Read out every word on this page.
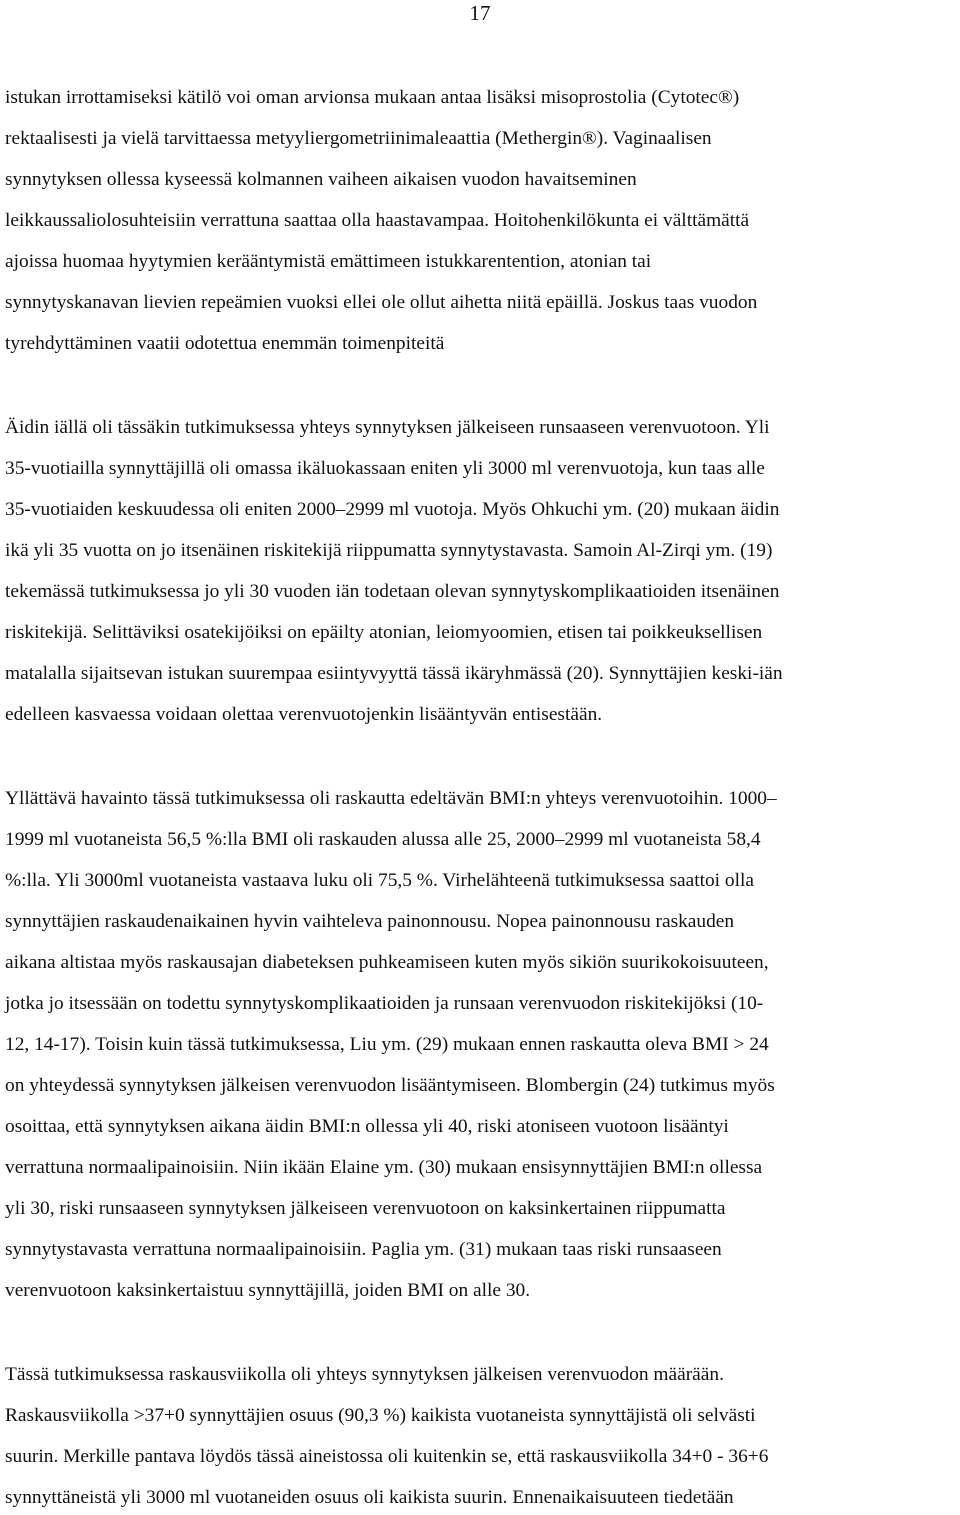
17
istukan irrottamiseksi kätilö voi oman arvionsa mukaan antaa lisäksi misoprostolia (Cytotec®)
rektaalisesti ja vielä tarvittaessa metyyliergometriinimaleaattia (Methergin®). Vaginaalisen
synnytyksen ollessa kyseessä kolmannen vaiheen aikaisen vuodon havaitseminen
leikkaussaliolosuhteisiin verrattuna saattaa olla haastavampaa. Hoitohenkilökunta ei välttämättä
ajoissa huomaa hyytymien kerääntymistä emättimeen istukkarentention, atonian tai
synnytyskanavan lievien repeämien vuoksi ellei ole ollut aihetta niitä epäillä. Joskus taas vuodon
tyrehdyttäminen vaatii odotettua enemmän toimenpiteitä
Äidin iällä oli tässäkin tutkimuksessa yhteys synnytyksen jälkeiseen runsaaseen verenvuotoon. Yli
35-vuotiailla synnyttäjillä oli omassa ikäluokassaan eniten yli 3000 ml verenvuotoja, kun taas alle
35-vuotiaiden keskuudessa oli eniten 2000–2999 ml vuotoja. Myös Ohkuchi ym. (20) mukaan äidin
ikä yli 35 vuotta on jo itsenäinen riskitekijä riippumatta synnytystavasta. Samoin Al-Zirqi ym. (19)
tekemässä tutkimuksessa jo yli 30 vuoden iän todetaan olevan synnytyskomplikaatioiden itsenäinen
riskitekijä. Selittäviksi osatekijöiksi on epäilty atonian, leiomyoomien, etisen tai poikkeuksellisen
matalalla sijaitsevan istukan suurempaa esiintyvyyttä tässä ikäryhmässä (20). Synnyttäjien keski-iän
edelleen kasvaessa voidaan olettaa verenvuotojenkin lisääntyvän entisestään.
Yllättävä havainto tässä tutkimuksessa oli raskautta edeltävän BMI:n yhteys verenvuotoihin. 1000–
1999 ml vuotaneista 56,5 %:lla BMI oli raskauden alussa alle 25, 2000–2999 ml vuotaneista 58,4
%:lla. Yli 3000ml vuotaneista vastaava luku oli 75,5 %. Virhelähteenä tutkimuksessa saattoi olla
synnyttäjien raskaudenaikainen hyvin vaihteleva painonnousu. Nopea painonnousu raskauden
aikana altistaa myös raskausajan diabeteksen puhkeamiseen kuten myös sikiön suurikokoisuuteen,
jotka jo itsessään on todettu synnytyskomplikaatioiden ja runsaan verenvuodon riskitekijöksi (10-
12, 14-17). Toisin kuin tässä tutkimuksessa, Liu ym. (29) mukaan ennen raskautta oleva BMI > 24
on yhteydessä synnytyksen jälkeisen verenvuodon lisääntymiseen. Blombergin (24) tutkimus myös
osoittaa, että synnytyksen aikana äidin BMI:n ollessa yli 40, riski atoniseen vuotoon lisääntyi
verrattuna normaalipainoisiin. Niin ikään Elaine ym. (30) mukaan ensisynnyttäjien BMI:n ollessa
yli 30, riski runsaaseen synnytyksen jälkeiseen verenvuotoon on kaksinkertainen riippumatta
synnytystavasta verrattuna normaalipainoisiin. Paglia ym. (31) mukaan taas riski runsaaseen
verenvuotoon kaksinkertaistuu synnyttäjillä, joiden BMI on alle 30.
Tässä tutkimuksessa raskausviikolla oli yhteys synnytyksen jälkeisen verenvuodon määrään.
Raskausviikolla >37+0 synnyttäjien osuus (90,3 %) kaikista vuotaneista synnyttäjistä oli selvästi
suurin. Merkille pantava löydös tässä aineistossa oli kuitenkin se, että raskausviikolla 34+0 - 36+6
synnyttäneistä yli 3000 ml vuotaneiden osuus oli kaikista suurin. Ennenaikaisuuteen tiedetään
